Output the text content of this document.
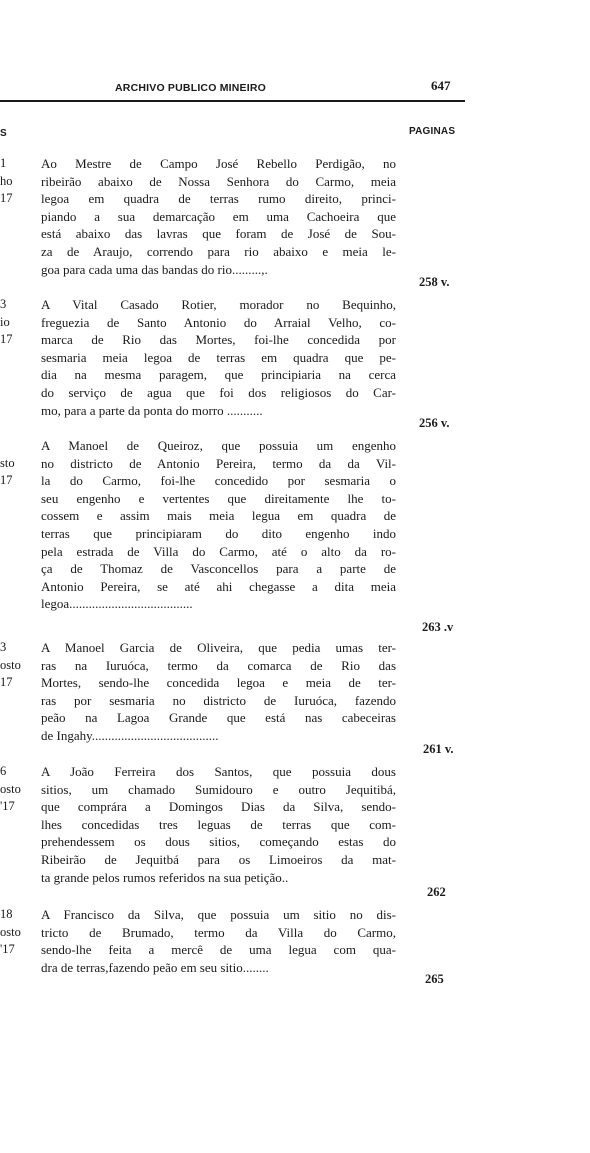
ARCHIVO PUBLICO MINEIRO	647
S	PAGINAS
1
ho
17
Ao Mestre de Campo José Rebello Perdigão, no
ribeirão abaixo de Nossa Senhora do Carmo, meia
legoa em quadra de terras rumo direito, princi-
piando a sua demarcação em uma Cachoeira que
está abaixo das lavras que foram de José de Sou-
za de Araujo, correndo para rio abaixo e meia le-
goa para cada uma das bandas do rio.........,.
258 v.
3
io
17
A Vital Casado Rotier, morador no Bequinho,
freguezia de Santo Antonio do Arraial Velho, co-
marca de Rio das Mortes, foi-lhe concedida por
sesmaria meia legoa de terras em quadra que pe-
dia na mesma paragem, que principiaria na cerca
do serviço de agua que foi dos religiosos do Car-
mo, para a parte da ponta do morro ...........
256 v.
sto
17
A Manoel de Queiroz, que possuia um engenho
no districto de Antonio Pereira, termo da da Vil-
la do Carmo, foi-lhe concedido por sesmaria o
seu engenho e vertentes que direitamente lhe to-
cossem e assim mais meia legua em quadra de
terras que principiaram do dito engenho indo
pela estrada de Villa do Carmo, até o alto da ro-
ça de Thomaz de Vasconcellos para a parte de
Antonio Pereira, se até ahi chegasse a dita meia
legoa......................................
263 .v
3
osto
17
A Manoel Garcia de Oliveira, que pedia umas ter-
ras na Iuruóca, termo da comarca de Rio das
Mortes, sendo-lhe concedida legoa e meia de ter-
ras por sesmaria no districto de Iuruóca, fazendo
peão na Lagoa Grande que está nas cabeceiras
de Ingahy.......................................
261 v.
6
osto
'17
A João Ferreira dos Santos, que possuia dous
sitios, um chamado Sumidouro e outro Jequitibá,
que comprára a Domingos Dias da Silva, sendo-
lhes concedidas tres leguas de terras que com-
prehendessem os dous sitios, começando estas do
Ribeirão de Jequitbá para os Limoeiros da mat-
ta grande pelos rumos referidos na sua petição..
262
18
osto
'17
A Francisco da Silva, que possuia um sitio no dis-
tricto de Brumado, termo da Villa do Carmo,
sendo-lhe feita a mercê de uma legua com qua-
dra de terras,fazendo peão em seu sitio........
265
